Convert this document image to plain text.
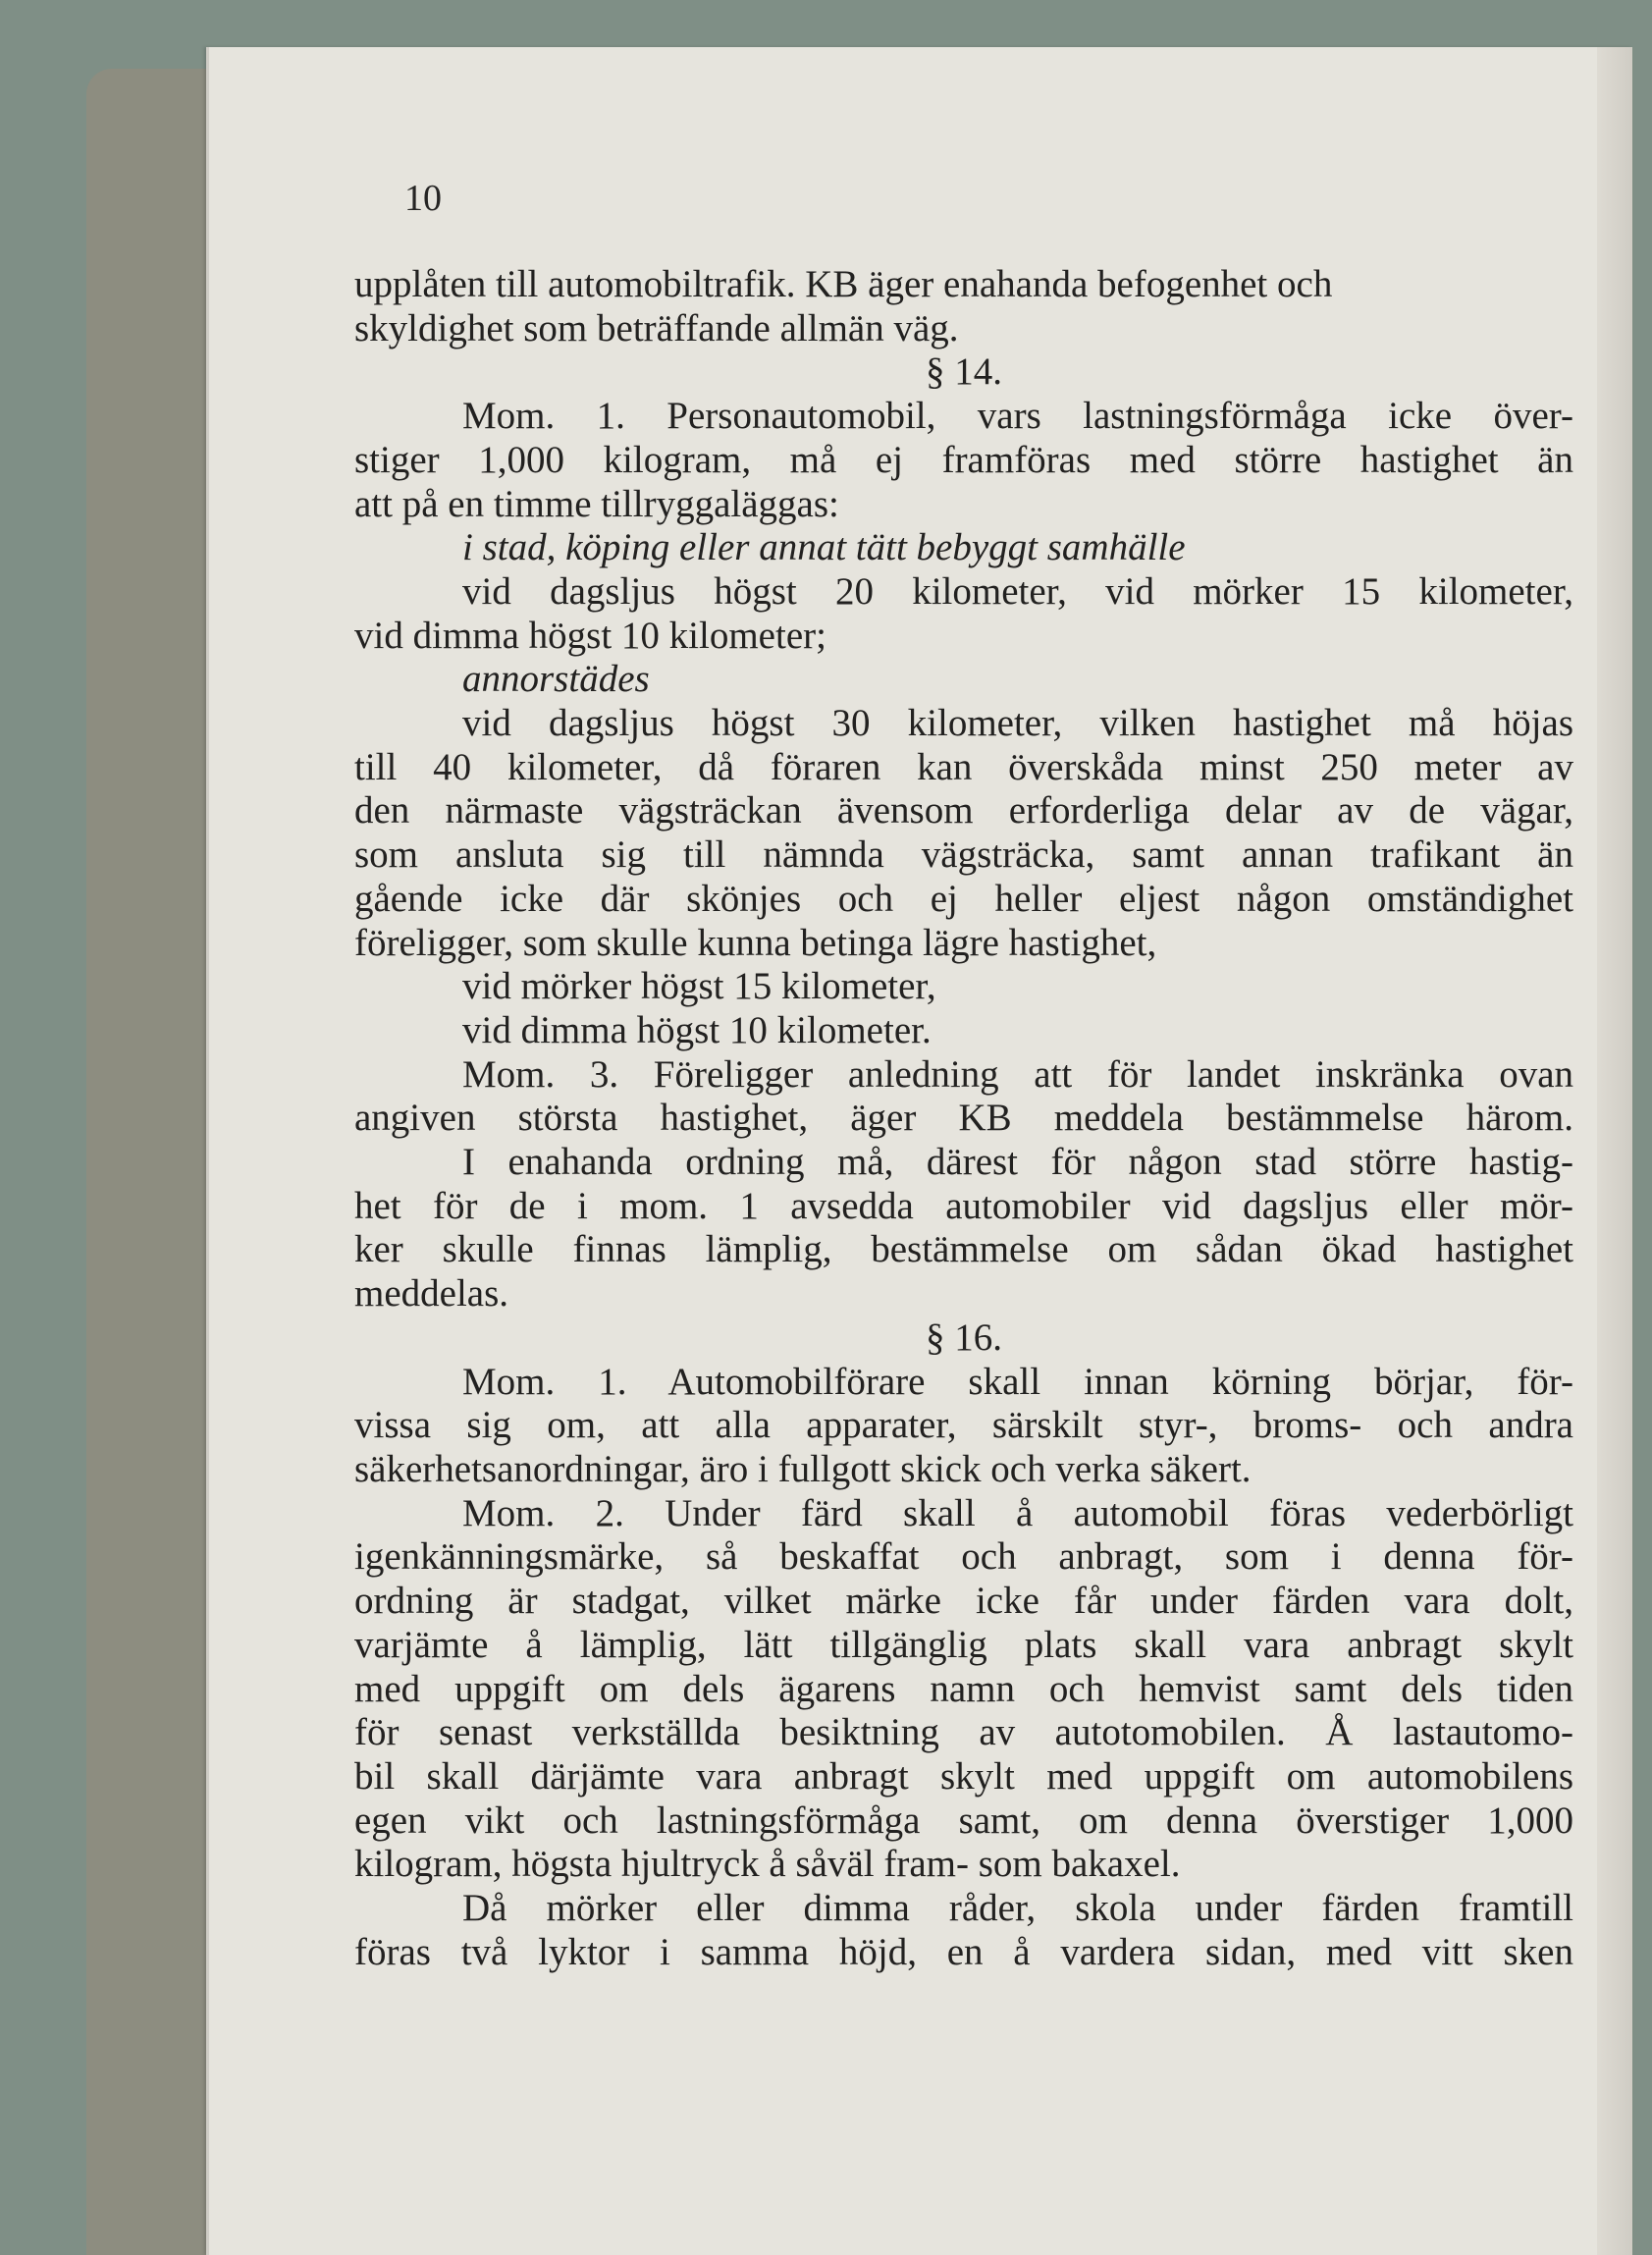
10
upplåten till automobiltrafik. KB äger enahanda befogenhet och
skyldighet som beträffande allmän väg.
§ 14.
Mom. 1. Personautomobil, vars lastningsförmåga icke över-
stiger 1,000 kilogram, må ej framföras med större hastighet än
att på en timme tillryggaläggas:
i stad, köping eller annat tätt bebyggt samhälle
vid dagsljus högst 20 kilometer, vid mörker 15 kilometer,
vid dimma högst 10 kilometer;
annorstädes
vid dagsljus högst 30 kilometer, vilken hastighet må höjas
till 40 kilometer, då föraren kan överskåda minst 250 meter av
den närmaste vägsträckan ävensom erforderliga delar av de vägar,
som ansluta sig till nämnda vägsträcka, samt annan trafikant än
gående icke där skönjes och ej heller eljest någon omständighet
föreligger, som skulle kunna betinga lägre hastighet,
vid mörker högst 15 kilometer,
vid dimma högst 10 kilometer.
Mom. 3. Föreligger anledning att för landet inskränka ovan
angiven största hastighet, äger KB meddela bestämmelse härom.
I enahanda ordning må, därest för någon stad större hastig-
het för de i mom. 1 avsedda automobiler vid dagsljus eller mör-
ker skulle finnas lämplig, bestämmelse om sådan ökad hastighet
meddelas.
§ 16.
Mom. 1. Automobilförare skall innan körning börjar, för-
vissa sig om, att alla apparater, särskilt styr-, broms- och andra
säkerhetsanordningar, äro i fullgott skick och verka säkert.
Mom. 2. Under färd skall å automobil föras vederbörligt
igenkänningsmärke, så beskaffat och anbragt, som i denna för-
ordning är stadgat, vilket märke icke får under färden vara dolt,
varjämte å lämplig, lätt tillgänglig plats skall vara anbragt skylt
med uppgift om dels ägarens namn och hemvist samt dels tiden
för senast verkställda besiktning av autotomobilen. Å lastautomo-
bil skall därjämte vara anbragt skylt med uppgift om automobilens
egen vikt och lastningsförmåga samt, om denna överstiger 1,000
kilogram, högsta hjultryck å såväl fram- som bakaxel.
Då mörker eller dimma råder, skola under färden framtill
föras två lyktor i samma höjd, en å vardera sidan, med vitt sken
